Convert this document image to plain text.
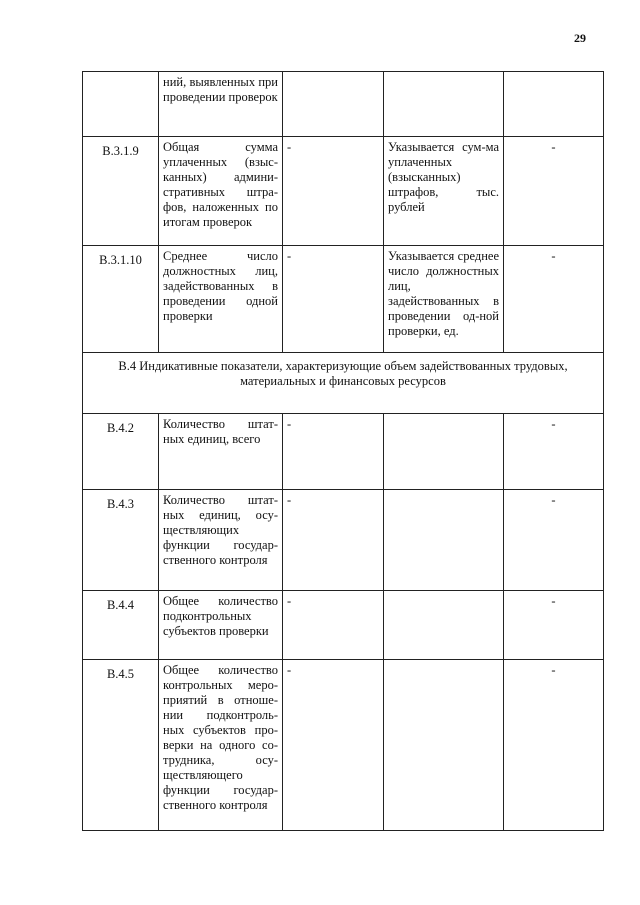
29
	ний, выявленных при проведении проверок			
В.3.1.9	Общая сумма уплаченных (взыс-канных) админи-стративных штра-фов, наложенных по итогам проверок	-	Указывается сум-ма уплаченных (взысканных) штрафов, тыс. рублей	-
В.3.1.10	Среднее число должностных лиц, задействованных в проведении одной проверки	-	Указывается среднее число должностных лиц, задействованных в проведении од-ной проверки, ед.	-
В.4 Индикативные показатели, характеризующие объем задействованных трудовых, материальных и финансовых ресурсов				
В.4.2	Количество штат-ных единиц, всего	-		-
В.4.3	Количество штат-ных единиц, осу-ществляющих функции государ-ственного контроля	-		-
В.4.4	Общее количество подконтрольных субъектов проверки	-		-
В.4.5	Общее количество контрольных меро-приятий в отноше-нии подконтроль-ных субъектов про-верки на одного со-трудника, осу-ществляющего функции государ-ственного контроля	-		-
